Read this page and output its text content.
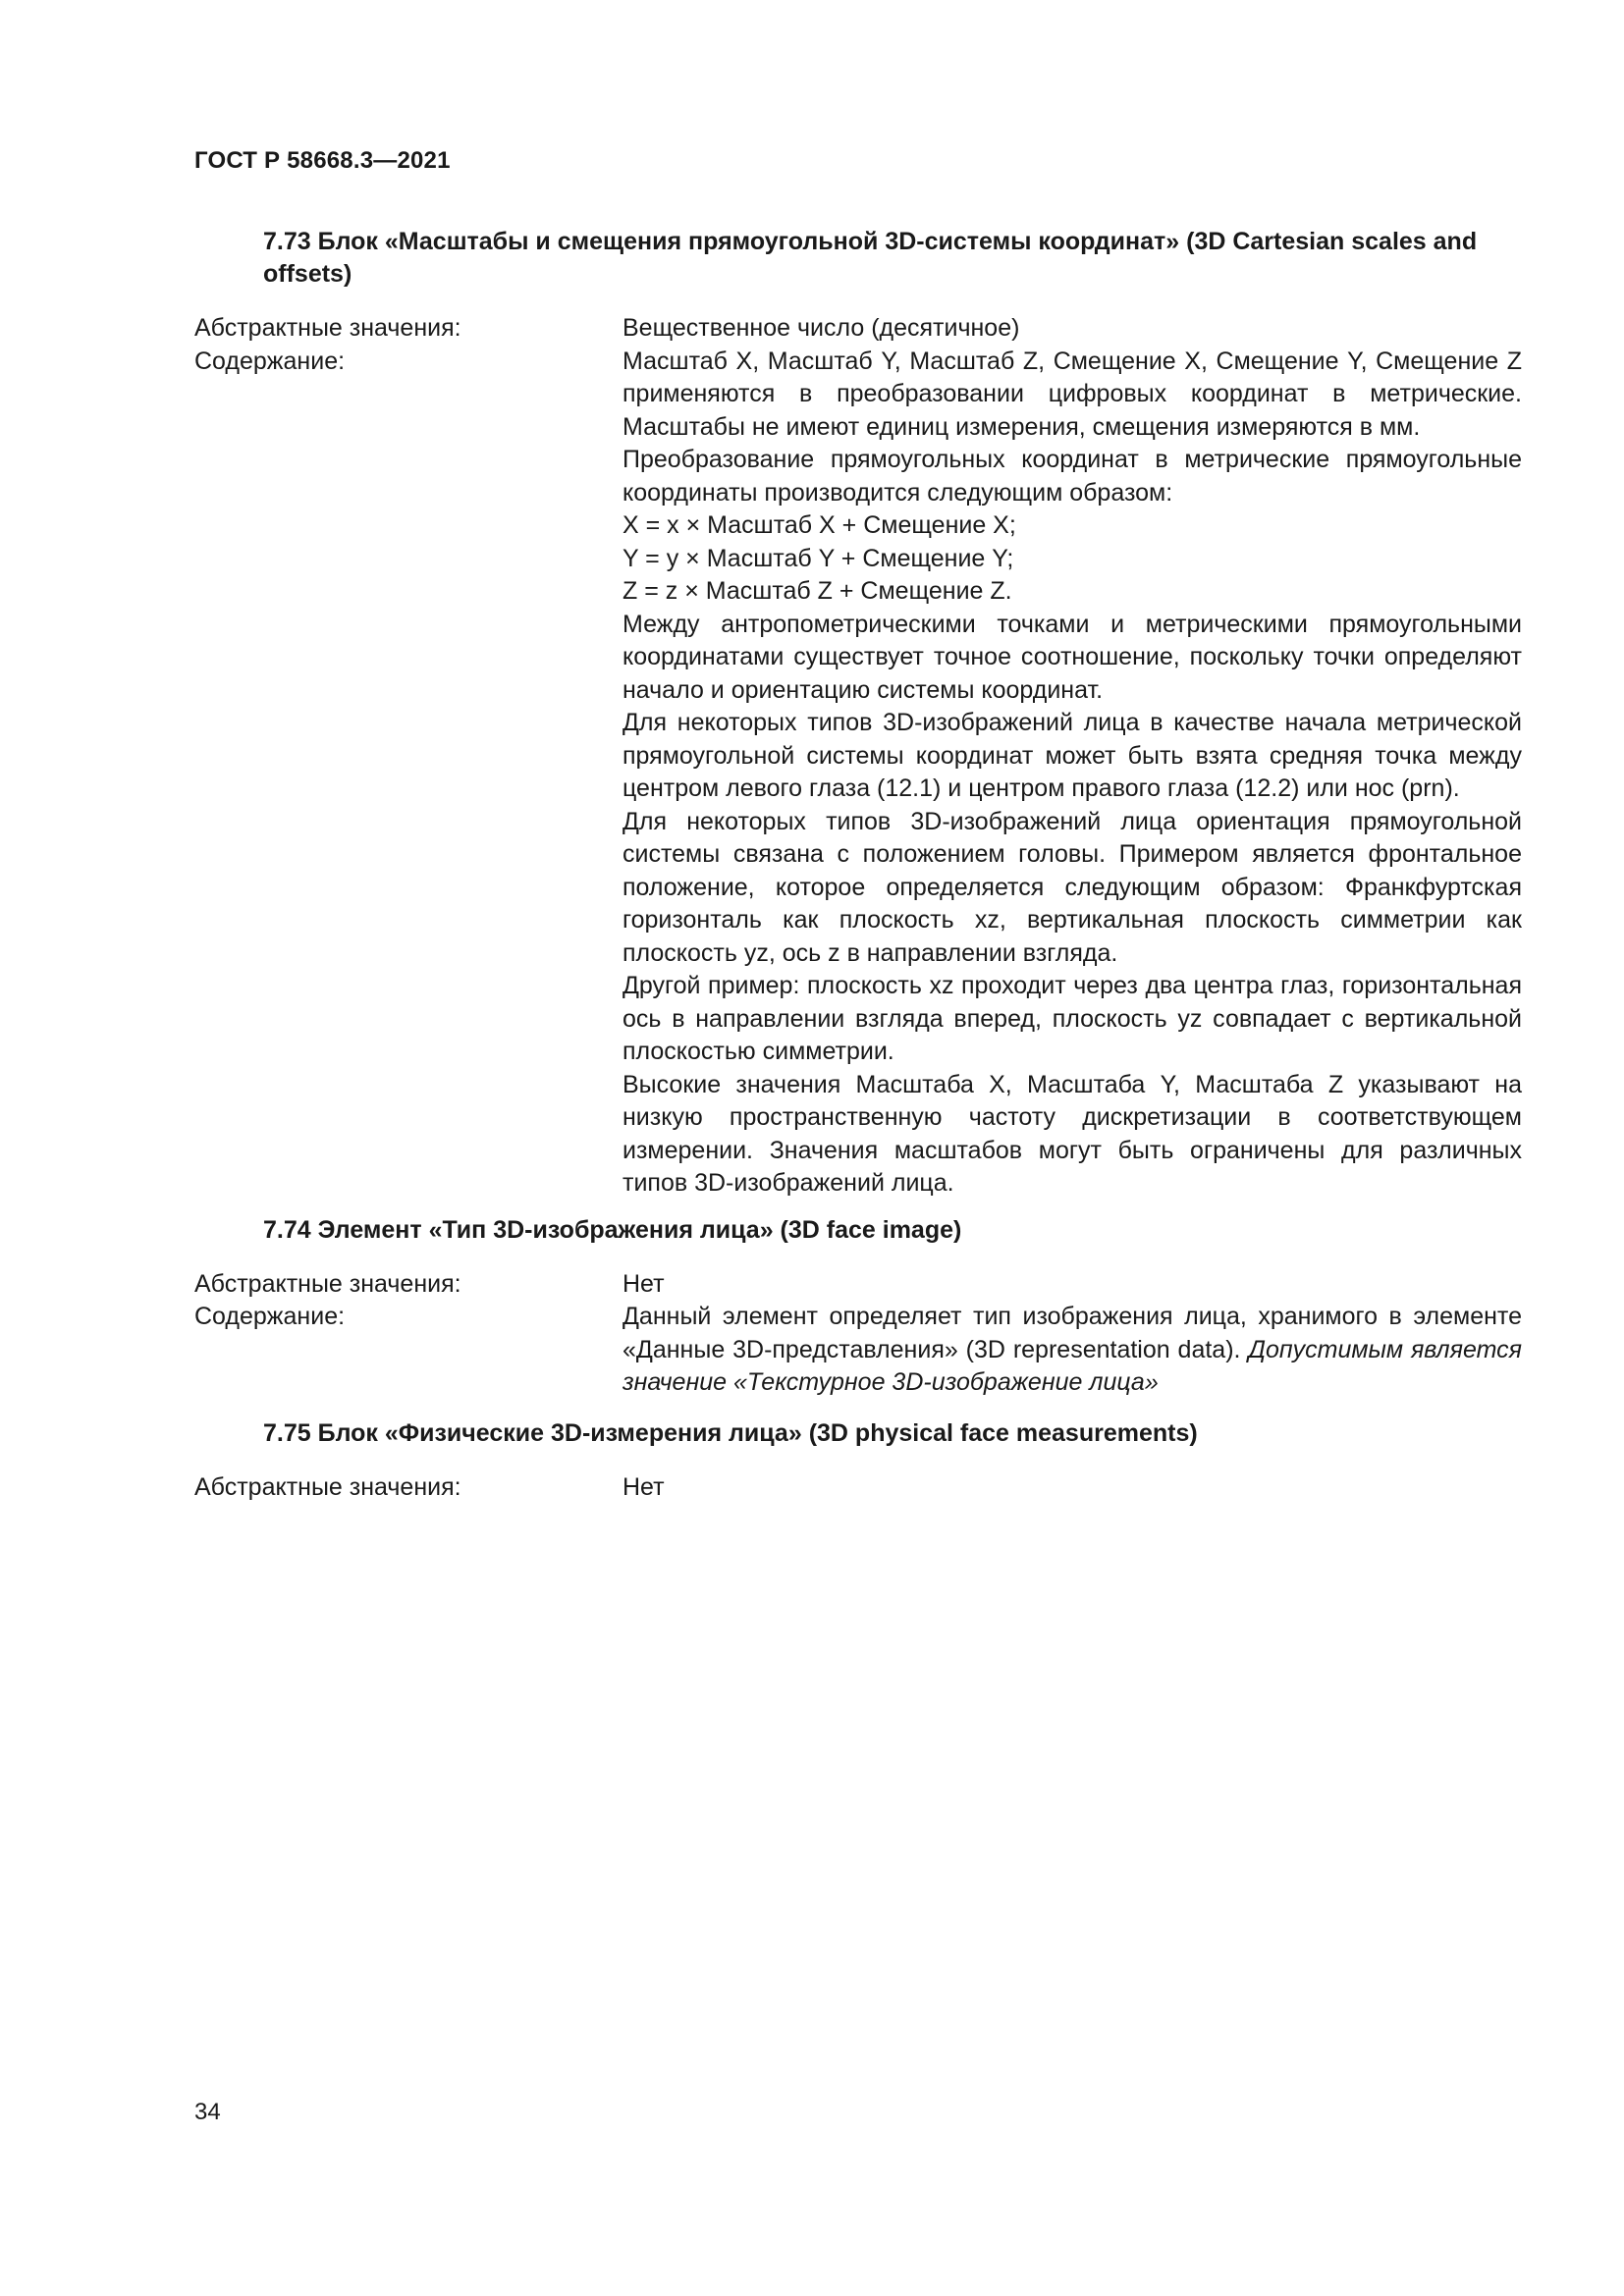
ГОСТ Р 58668.3—2021
7.73 Блок «Масштабы и смещения прямоугольной 3D-системы координат» (3D Cartesian scales and offsets)
Абстрактные значения:	Вещественное число (десятичное)
Содержание:	Масштаб X, Масштаб Y, Масштаб Z, Смещение X, Смещение Y, Смещение Z применяются в преобразовании цифровых координат в метрические. Масштабы не имеют единиц измерения, смещения измеряются в мм.

Преобразование прямоугольных координат в метрические прямоугольные координаты производится следующим образом:

X = x × Масштаб X + Смещение X;

Y = y × Масштаб Y + Смещение Y;

Z = z × Масштаб Z + Смещение Z.

Между антропометрическими точками и метрическими прямоугольными координатами существует точное соотношение, поскольку точки определяют начало и ориентацию системы координат.

Для некоторых типов 3D-изображений лица в качестве начала метрической прямоугольной системы координат может быть взята средняя точка между центром левого глаза (12.1) и центром правого глаза (12.2) или нос (prn).

Для некоторых типов 3D-изображений лица ориентация прямоугольной системы связана с положением головы. Примером является фронтальное положение, которое определяется следующим образом: Франкфуртская горизонталь как плоскость xz, вертикальная плоскость симметрии как плоскость yz, ось z в направлении взгляда.

Другой пример: плоскость xz проходит через два центра глаз, горизонтальная ось в направлении взгляда вперед, плоскость yz совпадает с вертикальной плоскостью симметрии.

Высокие значения Масштаба X, Масштаба Y, Масштаба Z указывают на низкую пространственную частоту дискретизации в соответствующем измерении. Значения масштабов могут быть ограничены для различных типов 3D-изображений лица.

7.74 Элемент «Тип 3D-изображения лица» (3D face image)
Абстрактные значения:	Нет
Содержание:	Данный элемент определяет тип изображения лица, хранимого в элементе «Данные 3D-представления» (3D representation data). Допустимым является значение «Текстурное 3D-изображение лица»

7.75 Блок «Физические 3D-измерения лица» (3D physical face measurements)
Абстрактные значения:	Нет
34
